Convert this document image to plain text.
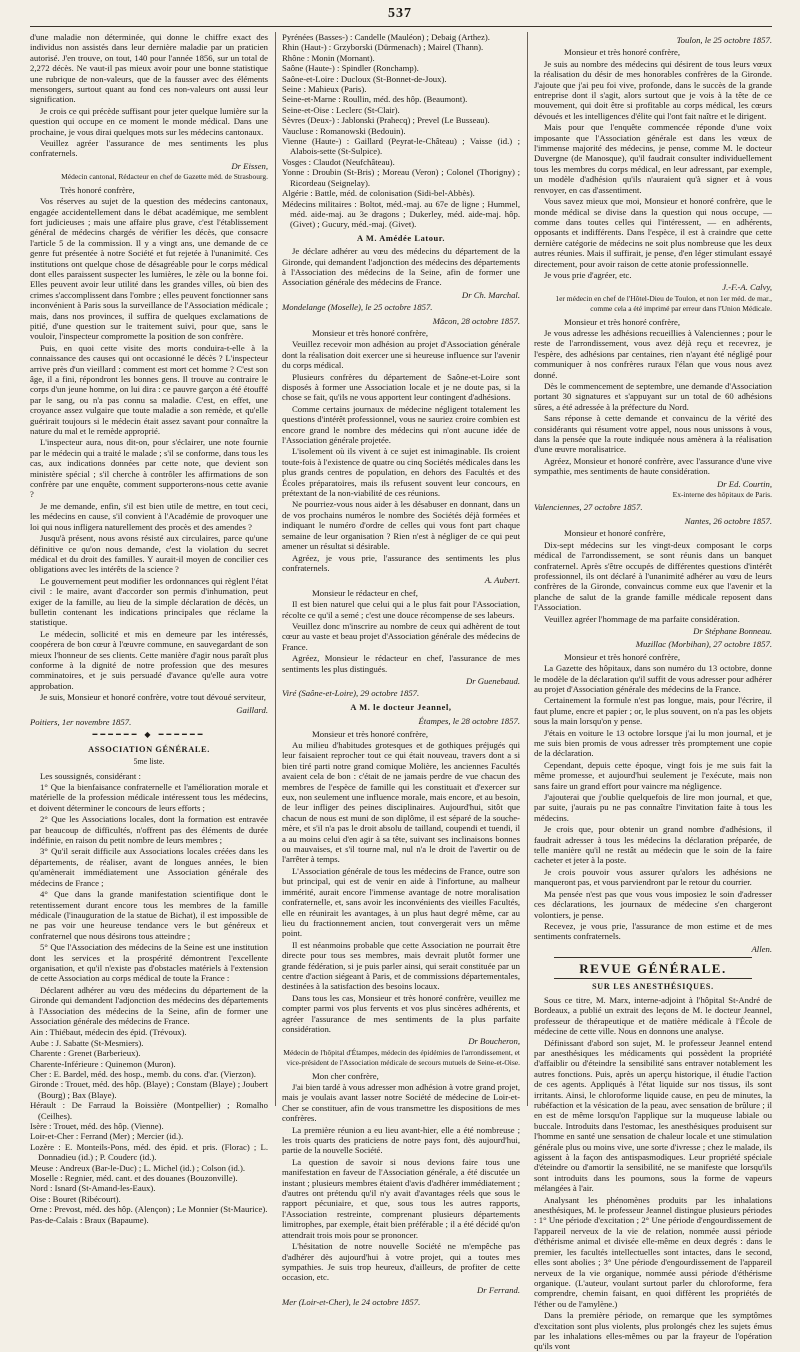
537

d'une maladie non déterminée, qui donne le chiffre exact des individus non assistés dans leur dernière maladie par un praticien autorisé. J'en trouve, on tout, 140 pour l'année 1856, sur un total de 2,272 décès. Ne vaut-il pas mieux avoir pour une bonne statistique une rubrique de non-valeurs, que de la fausser avec des éléments mensongers, surtout quant au fond ces non-valeurs ont aussi leur signification.

Je crois ce qui précède suffisant pour jeter quelque lumière sur la question qui occupe en ce moment le monde médical. Dans une prochaine, je vous dirai quelques mots sur les médecins cantonaux.

Veuillez agréer l'assurance de mes sentiments les plus confraternels.

Dr Eissen,
Médecin cantonal, Rédacteur en chef de Gazette méd. de Strasbourg.

Très honoré confrère,

Vos réserves au sujet de la question des médecins cantonaux, engagée accidentellement dans le débat académique, me semblent fort judicieuses ; mais une affaire plus grave, c'est l'établissement général de médecins chargés de vérifier les décès, que consacre l'article 5 de la commission. Il y a vingt ans, une demande de ce genre fut présentée à notre Société et fut rejetée à l'unanimité. Ces institutions ont quelque chose de désagréable pour le corps médical dont elles paraissent suspecter les lumières, le zèle ou la bonne foi. Elles peuvent avoir leur utilité dans les grandes villes, où bien des crimes s'accomplissent dans l'ombre ; elles peuvent fonctionner sans inconvénient à Paris sous la surveillance de l'Association médicale ; mais, dans nos provinces, il suffira de quelques exclamations de pitié, d'une question sur le traitement suivi, pour que, sans le vouloir, l'inspecteur compromette la position de son confrère.

Puis, en quoi cette visite des morts conduira-t-elle à la connaissance des causes qui ont occasionné le décès ? L'inspecteur arrive près d'un vieillard : comment est mort cet homme ? C'est son âge, il a fini, répondront les bonnes gens. Il trouve au contraire le corps d'un jeune homme, on lui dira : ce pauvre garçon a été étouffé par le sang, ou n'a pas connu sa maladie. C'est, en effet, une croyance assez vulgaire que toute maladie a son remède, et qu'elle guérirait toujours si le médecin était assez savant pour connaître la nature du mal et le remède approprié.

L'inspecteur aura, nous dit-on, pour s'éclairer, une note fournie par le médecin qui a traité le malade ; s'il se conforme, dans tous les cas, aux indications données par cette note, que devient son ministère spécial ; s'il cherche à contrôler les affirmations de son confrère par une enquête, comment supporterons-nous cette avanie ?

Je me demande, enfin, s'il est bien utile de mettre, en tout ceci, les médecins en cause, s'il convient à l'Académie de provoquer une loi qui nous infligera naturellement des procès et des amendes ?

Jusqu'à présent, nous avons résisté aux circulaires, parce qu'une définitive ce qu'on nous demande, c'est la violation du secret médical et du droit des familles. Y aurait-il moyen de concilier ces obligations avec les intérêts de la science ?

Le gouvernement peut modifier les ordonnances qui règlent l'état civil : le maire, avant d'accorder son permis d'inhumation, peut exiger de la famille, au lieu de la simple déclaration de décès, un bulletin contenant les indications principales que réclame la statistique.

Le médecin, sollicité et mis en demeure par les intéressés, coopérera de bon cœur à l'œuvre commune, en sauvegardant de son mieux l'honneur de ses clients. Cette manière d'agir nous paraît plus conforme à la dignité de notre profession que des mesures comminatoires, et je suis persuadé d'avance qu'elle aura votre approbation.

Je suis, Monsieur et honoré confrère, votre tout dévoué serviteur,

Gaillard.

Poitiers, 1er novembre 1857.

━━━━━━ ◆ ━━━━━━
ASSOCIATION GÉNÉRALE.
5me liste.

Les soussignés, considérant :

1° Que la bienfaisance confraternelle et l'amélioration morale et matérielle de la profession médicale intéressent tous les médecins, et doivent déterminer le concours de leurs efforts ;

2° Que les Associations locales, dont la formation est entravée par beaucoup de difficultés, n'offrent pas des éléments de durée indéfinie, en raison du petit nombre de leurs membres ;

3° Qu'il serait difficile aux Associations locales créées dans les départements, de réaliser, avant de longues années, le bien qu'amènerait immédiatement une Association générale des médecins de France ;

4° Que dans la grande manifestation scientifique dont le retentissement durant encore tous les membres de la famille médicale (l'inauguration de la statue de Bichat), il est impossible de ne pas voir une heureuse tendance vers le but généreux et confraternel que nous désirons tous atteindre ;

5° Que l'Association des médecins de la Seine est une institution dont les services et la prospérité démontrent l'excellente organisation, et qu'il n'existe pas d'obstacles matériels à l'extension de cette Association au corps médical de toute la France :

Déclarent adhérer au vœu des médecins du département de la Gironde qui demandent l'adjonction des médecins des départements à l'Association des médecins de la Seine, afin de former une Association générale des médecins de France.

Ain : Thiébaut, médecin des épid. (Trévoux).

Aube : J. Sabatte (St-Mesmiers).

Charente : Grenet (Barberieux).

Charente-Inférieure : Quinemon (Muron).

Cher : E. Bardel, méd. des hosp., memb. du cons. d'ar. (Vierzon).

Gironde : Trouet, méd. des hôp. (Blaye) ; Constam (Blaye) ; Joubert (Bourg) ; Bax (Blaye).

Hérault : De Farraud la Boissière (Montpellier) ; Romalho (Ceilhes).

Isère : Trouet, méd. des hôp. (Vienne).

Loir-et-Cher : Ferrand (Mer) ; Mercier (id.).

Lozère : E. Monteils-Pons, méd. des épid. et pris. (Florac) ; L. Donnadieu (id.) ; P. Couderc (id.).

Meuse : Andreux (Bar-le-Duc) ; L. Michel (id.) ; Colson (id.).

Moselle : Regnier, méd. cant. et des douanes (Bouzonville).

Nord : Isnard (St-Amand-les-Eaux).

Oise : Bouret (Ribécourt).

Orne : Prevost, méd. des hôp. (Alençon) ; Le Monnier (St-Maurice).

Pas-de-Calais : Braux (Bapaume).

Pyrénées (Basses-) : Candelle (Mauléon) ; Debaig (Arthez).

Rhin (Haut-) : Grzyborski (Dürmenach) ; Mairel (Thann).

Rhône : Monin (Mornant).

Saône (Haute-) : Spindler (Ronchamp).

Saône-et-Loire : Ducloux (St-Bonnet-de-Joux).

Seine : Mahieux (Paris).

Seine-et-Marne : Roullin, méd. des hôp. (Beaumont).

Seine-et-Oise : Leclerc (St-Clair).

Sèvres (Deux-) : Jablonski (Prahecq) ; Prevel (Le Busseau).

Vaucluse : Romanowski (Bedouin).

Vienne (Haute-) : Gaillard (Peyrat-le-Château) ; Vaisse (id.) ; Alabois-sette (St-Sulpice).

Vosges : Claudot (Neufchâteau).

Yonne : Droubin (St-Bris) ; Moreau (Veron) ; Colonel (Thorigny) ; Ricordeau (Seignelay).

Algérie : Battle, méd. de colonisation (Sidi-bel-Abbès).

Médecins militaires : Boltot, méd.-maj. au 67e de ligne ; Hummel, méd. aide-maj. au 3e dragons ; Dukerley, méd. aide-maj. hôp. (Givet) ; Gucury, méd.-maj. (Givet).

A M. Amédée Latour.

Je déclare adhérer au vœu des médecins du département de la Gironde, qui demandent l'adjonction des médecins des départements à l'Association des médecins de la Seine, afin de former une Association générale des médecins de France.

Dr Ch. Marchal.

Mondelange (Moselle), le 25 octobre 1857.

Mâcon, 28 octobre 1857.

Monsieur et très honoré confrère,

Veuillez recevoir mon adhésion au projet d'Association générale dont la réalisation doit exercer une si heureuse influence sur l'avenir du corps médical.

Plusieurs confrères du département de Saône-et-Loire sont disposés à former une Association locale et je ne doute pas, si la chose se fait, qu'ils ne vous apportent leur contingent d'adhésions.

Comme certains journaux de médecine négligent totalement les questions d'intérêt professionnel, vous ne sauriez croire combien est encore grand le nombre des médecins qui n'ont aucune idée de l'Association générale projetée.

L'isolement où ils vivent à ce sujet est inimaginable. Ils croient toute-fois à l'existence de quatre ou cinq Sociétés médicales dans les plus grands centres de population, en dehors des Facultés et des Écoles préparatoires, mais ils refusent souvent leur concours, en prétextant de la non-viabilité de ces réunions.

Ne pourriez-vous nous aider à les désabuser en donnant, dans un de vos prochains numéros le nombre des Sociétés déjà formées et indiquant le numéro d'ordre de celles qui vous font part chaque semaine de leur organisation ? Rien n'est à négliger de ce qui peut amener un résultat si désirable.

Agréez, je vous prie, l'assurance des sentiments les plus confraternels.

A. Aubert.

Monsieur le rédacteur en chef,

Il est bien naturel que celui qui a le plus fait pour l'Association, récolte ce qu'il a semé ; c'est une douce récompense de ses labeurs.

Veuillez donc m'inscrire au nombre de ceux qui adhèrent de tout cœur au vaste et beau projet d'Association générale des médecins de France.

Agréez, Monsieur le rédacteur en chef, l'assurance de mes sentiments les plus distingués.

Dr Guenebaud.

Viré (Saône-et-Loire), 29 octobre 1857.

A M. le docteur Jeannel,
Étampes, le 28 octobre 1857.

Monsieur et très honoré confrère,

Au milieu d'habitudes grotesques et de gothiques préjugés qui leur faisaient reprocher tout ce qui était nouveau, travers dont a si bien tiré parti notre grand comique Molière, les anciennes Facultés avaient cela de bon : c'était de ne jamais perdre de vue chacun des membres de l'espèce de famille qui les constituait et d'exercer sur eux, non seulement une influence morale, mais encore, et au besoin, de leur infliger des peines disciplinaires. Aujourd'hui, sitôt que chacun de nous est muni de son diplôme, il est séparé de la souche-mère, et s'il n'a pas le droit absolu de tailland, coupendi et tuendi, il a au moins celui d'en agir à sa tête, suivant ses inclinaisons bonnes ou mauvaises, et s'il tourne mal, nul n'a le droit de l'avertir ou de l'arrêter à temps.

L'Association générale de tous les médecins de France, outre son but principal, qui est de venir en aide à l'infortune, au malheur immérité, aurait encore l'immense avantage de notre moralisation confraternelle, et, sans avoir les inconvénients des vieilles Facultés, elle en réunirait les avantages, à un plus haut degré même, car au lieu du fractionnement ancien, tout convergerait vers un même point.

Il est néanmoins probable que cette Association ne pourrait être directe pour tous ses membres, mais devrait plutôt former une grande fédération, si je puis parler ainsi, qui serait constituée par un centre d'action siégeant à Paris, et de commissions départementales, destinées à la satisfaction des besoins locaux.

Dans tous les cas, Monsieur et très honoré confrère, veuillez me compter parmi vos plus fervents et vos plus sincères adhérents, et agréer l'assurance de mes sentiments de la plus parfaite considération.

Dr Boucheron,
Médecin de l'hôpital d'Étampes, médecin des épidémies de l'arrondissement, et vice-président de l'Association médicale de secours mutuels de Seine-et-Oise.

Mon cher confrère,

J'ai bien tardé à vous adresser mon adhésion à votre grand projet, mais je voulais avant lasser notre Société de médecine de Loir-et-Cher se constituer, afin de vous transmettre les dispositions de mes confrères.

La première réunion a eu lieu avant-hier, elle a été nombreuse ; les trois quarts des praticiens de notre pays font, dès aujourd'hui, partie de la nouvelle Société.

La question de savoir si nous devions faire tous une manifestation en faveur de l'Association générale, a été discutée un instant ; plusieurs membres étaient d'avis d'adhérer immédiatement ; d'autres ont prétendu qu'il n'y avait d'avantages réels que sous le rapport pécuniaire, et que, sous tous les autres rapports, l'Association restreinte, comprenant plusieurs départements limitrophes, par exemple, était bien préférable ; il a été décidé qu'on attendrait trois mois pour se prononcer.

L'hésitation de notre nouvelle Société ne m'empêche pas d'adhérer dès aujourd'hui à votre projet, qui a toutes mes sympathies. Je suis trop heureux, d'ailleurs, de profiter de cette occasion, etc.

Dr Ferrand.

Mer (Loir-et-Cher), le 24 octobre 1857.

Toulon, le 25 octobre 1857.

Monsieur et très honoré confrère,

Je suis au nombre des médecins qui désirent de tous leurs vœux la réalisation du désir de mes honorables confrères de la Gironde. J'ajoute que j'ai peu foi vive, profonde, dans le succès de la grande entreprise dont il s'agit, alors surtout que je vois à la tête de ce mouvement, qui doit être si profitable au corps médical, les cœurs dévoués et les intelligences d'élite qui l'ont fait naître et le dirigent.

Mais pour que l'enquête commencée réponde d'une voix imposante que l'Association générale est dans les vœux de l'immense majorité des médecins, je pense, comme M. le docteur Duvergne (de Manosque), qu'il faudrait consulter individuellement tous les membres du corps médical, en leur adressant, par exemple, un modèle d'adhésion qu'ils n'auraient qu'à signer et à vous renvoyer, en cas d'assentiment.

Vous savez mieux que moi, Monsieur et honoré confrère, que le monde médical se divise dans la question qui nous occupe, — comme dans toutes celles qui l'intéressent, — en adhérents, opposants et indifférents. Dans l'espèce, il est à craindre que cette dernière catégorie de médecins ne soit plus nombreuse que les deux autres réunies. Mais il suffirait, je pense, d'en léger stimulant essayé directement, pour avoir raison de cette atonie professionnelle.

Je vous prie d'agréer, etc.

J.-F.-A. Calvy,
1er médecin en chef de l'Hôtel-Dieu de Toulon, et non 1er méd. de mar., comme cela a été imprimé par erreur dans l'Union Médicale.

Monsieur et très honoré confrère,

Je vous adresse les adhésions recueillies à Valenciennes ; pour le reste de l'arrondissement, vous avez déjà reçu et recevrez, je l'espère, des adhésions par centaines, rien n'ayant été négligé pour communiquer à nos confrères ruraux l'élan que vous nous avez donné.

Dès le commencement de septembre, une demande d'Association portant 30 signatures et s'appuyant sur un total de 60 adhésions sûres, a été adressée à la préfecture du Nord.

Sans réponse à cette demande et convaincu de la vérité des considérants qui résument votre appel, nous nous unissons à vous, dans la pensée que la route indiquée nous amènera à la réalisation d'une œuvre moralisatrice.

Agréez, Monsieur et honoré confrère, avec l'assurance d'une vive sympathie, mes sentiments de haute considération.

Dr Ed. Courtin,
Ex-interne des hôpitaux de Paris.

Valenciennes, 27 octobre 1857.

Nantes, 26 octobre 1857.

Monsieur et honoré confrère,

Dix-sept médecins sur les vingt-deux composant le corps médical de l'arrondissement, se sont réunis dans un banquet confraternel. Après s'être occupés de différentes questions d'intérêt professionnel, ils ont déclaré à l'unanimité adhérer au vœu de leurs confrères de la Gironde, convaincus comme eux que l'avenir et la planche de salut de la grande famille médicale reposent dans l'Association.

Veuillez agréer l'hommage de ma parfaite considération.

Dr Stéphane Bonneau.
Muzillac (Morbihan), 27 octobre 1857.

Monsieur et très honoré confrère,

La Gazette des hôpitaux, dans son numéro du 13 octobre, donne le modèle de la déclaration qu'il suffit de vous adresser pour adhérer au projet d'Association générale des médecins de la France.

Certainement la formule n'est pas longue, mais, pour l'écrire, il faut plume, encre et papier ; or, le plus souvent, on n'a pas les objets sous la main lorsqu'on y pense.

J'étais en voiture le 13 octobre lorsque j'ai lu mon journal, et je me suis bien promis de vous adresser très promptement une copie de la déclaration.

Cependant, depuis cette époque, vingt fois je me suis fait la même promesse, et aujourd'hui seulement je l'exécute, mais non sans faire un grand effort pour vaincre ma négligence.

J'ajouterai que j'oublie quelquefois de lire mon journal, et que, par suite, j'aurais pu ne pas connaître l'invitation faite à tous les médecins.

Je crois que, pour obtenir un grand nombre d'adhésions, il faudrait adresser à tous les médecins la déclaration préparée, de telle manière qu'il ne restât au médecin que le soin de la faire cacheter et jeter à la poste.

Je crois pouvoir vous assurer qu'alors les adhésions ne manqueront pas, et vous parviendront par le retour du courrier.

Ma pensée n'est pas que vous vous imposiez le soin d'adresser ces déclarations, les journaux de médecine s'en chargeront volontiers, je pense.

Recevez, je vous prie, l'assurance de mon estime et de mes sentiments confraternels.

Allen.
REVUE GÉNÉRALE.
SUR LES ANESTHÉSIQUES.

Sous ce titre, M. Marx, interne-adjoint à l'hôpital St-André de Bordeaux, a publié un extrait des leçons de M. le docteur Jeannel, professeur de thérapeutique et de matière médicale à l'École de médecine de cette ville. Nous en donnons une analyse.

Définissant d'abord son sujet, M. le professeur Jeannel entend par anesthésiques les médicaments qui possèdent la propriété d'affaiblir ou d'éteindre la sensibilité sans entraver notablement les autres fonctions. Puis, après un aperçu historique, il étudie l'action de ces agents. Appliqués à l'état liquide sur nos tissus, ils sont irritants. Ainsi, le chloroforme liquide cause, en peu de minutes, la rubéfaction et la vésication de la peau, avec sensation de brûlure ; il en est de même lorsqu'on l'applique sur la muqueuse labiale ou buccale. Introduits dans l'estomac, les anesthésiques produisent sur l'homme en santé une sensation de chaleur locale et une stimulation générale plus ou moins vive, une sorte d'ivresse ; chez le malade, ils agissent à la façon des antispasmodiques. Leur propriété spéciale d'éteindre ou d'amortir la sensibilité, ne se manifeste que lorsqu'ils sont introduits dans les poumons, sous la forme de vapeurs mélangées à l'air.

Analysant les phénomènes produits par les inhalations anesthésiques, M. le professeur Jeannel distingue plusieurs périodes : 1° Une période d'excitation ; 2° Une période d'engourdissement de l'appareil nerveux de la vie de relation, nommée aussi période d'éthérisme animal et divisée elle-même en deux degrés : dans le premier, les facultés intellectuelles sont intactes, dans le second, elles sont abolies ; 3° Une période d'engourdissement de l'appareil nerveux de la vie organique, nommée aussi période d'éthérisme organique. (L'auteur, voulant surtout parler du chloroforme, fera comprendre, chemin faisant, en quoi diffèrent les propriétés de l'éther ou de l'amylène.)

Dans la première période, on remarque que les symptômes d'excitation sont plus violents, plus prolongés chez les sujets émus par les inhalations elles-mêmes ou par la frayeur de l'opération qu'ils vont
